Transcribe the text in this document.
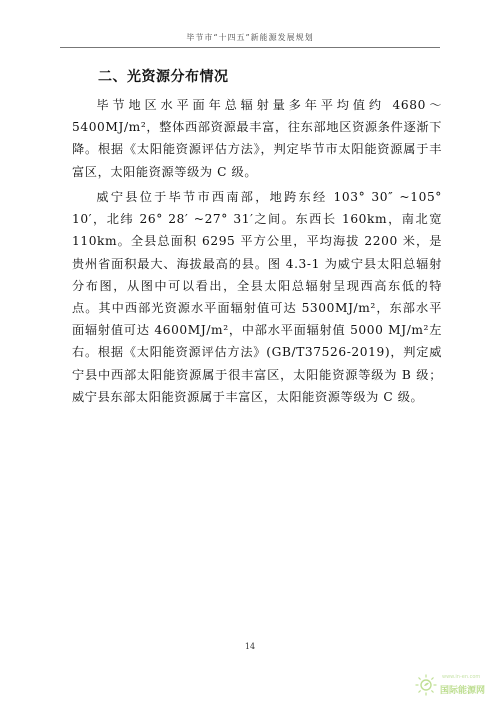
毕节市“十四五”新能源发展规划
二、光资源分布情况

毕节地区水平面年总辐射量多年平均值约 4680～5400MJ/m²，整体西部资源最丰富，往东部地区资源条件逐渐下降。根据《太阳能资源评估方法》，判定毕节市太阳能资源属于丰富区，太阳能资源等级为 C 级。

威宁县位于毕节市西南部，地跨东经 103° 30″ ~105° 10′，北纬 26° 28′ ~27° 31′之间。东西长 160km，南北宽 110km。全县总面积 6295 平方公里，平均海拔 2200 米，是贵州省面积最大、海拔最高的县。图 4.3-1 为威宁县太阳总辐射分布图，从图中可以看出，全县太阳总辐射呈现西高东低的特点。其中西部光资源水平面辐射值可达 5300MJ/m²，东部水平面辐射值可达 4600MJ/m²，中部水平面辐射值 5000 MJ/m²左右。根据《太阳能资源评估方法》(GB/T37526-2019)，判定威宁县中西部太阳能资源属于很丰富区，太阳能资源等级为 B 级；威宁县东部太阳能资源属于丰富区，太阳能资源等级为 C 级。

14
www.in-en.com
国际能源网
